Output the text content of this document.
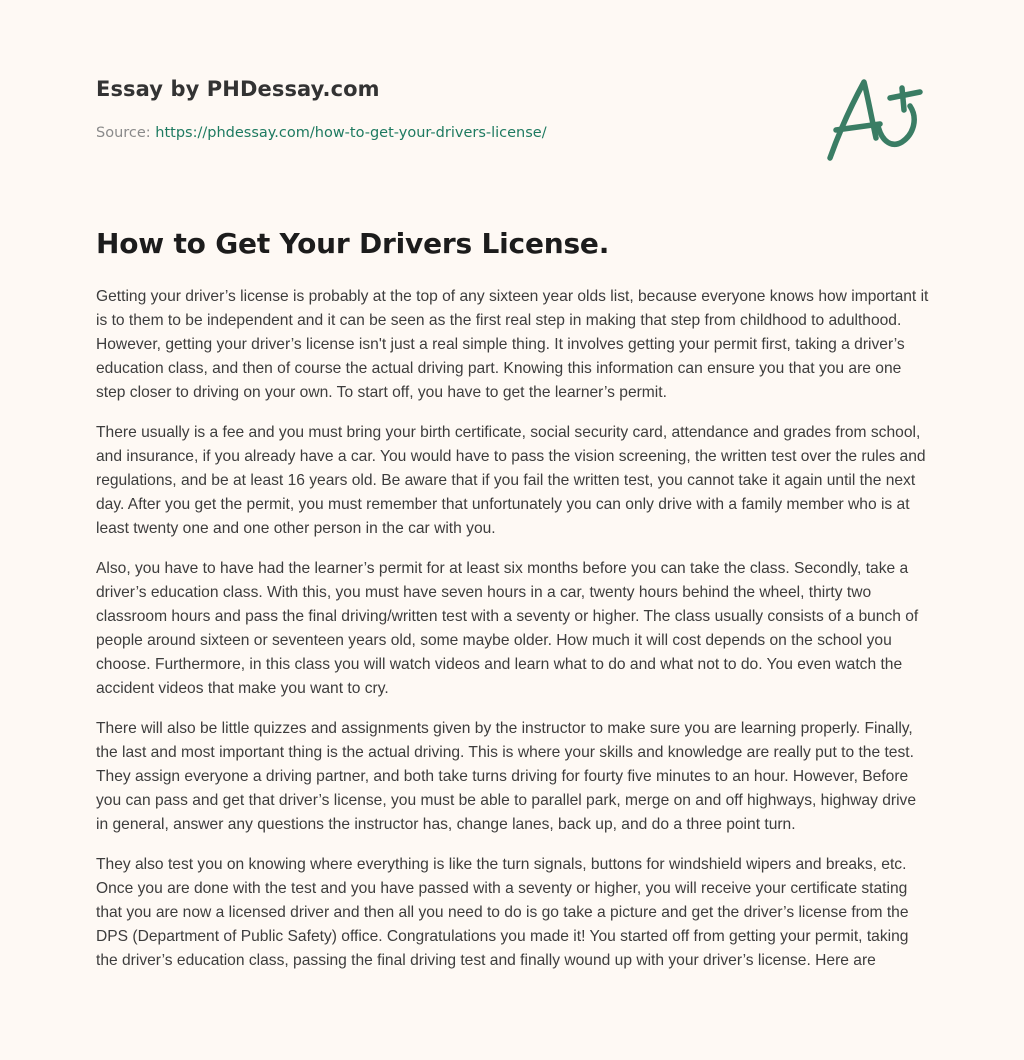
Essay by PHDessay.com
Source: https://phdessay.com/how-to-get-your-drivers-license/
How to Get Your Drivers License.

Getting your driver’s license is probably at the top of any sixteen year olds list, because everyone knows how important it is to them to be independent and it can be seen as the first real step in making that step from childhood to adulthood. However, getting your driver’s license isn't just a real simple thing. It involves getting your permit first, taking a driver’s education class, and then of course the actual driving part. Knowing this information can ensure you that you are one step closer to driving on your own. To start off, you have to get the learner’s permit.

There usually is a fee and you must bring your birth certificate, social security card, attendance and grades from school, and insurance, if you already have a car. You would have to pass the vision screening, the written test over the rules and regulations, and be at least 16 years old. Be aware that if you fail the written test, you cannot take it again until the next day. After you get the permit, you must remember that unfortunately you can only drive with a family member who is at least twenty one and one other person in the car with you.

Also, you have to have had the learner’s permit for at least six months before you can take the class. Secondly, take a driver’s education class. With this, you must have seven hours in a car, twenty hours behind the wheel, thirty two classroom hours and pass the final driving/written test with a seventy or higher. The class usually consists of a bunch of people around sixteen or seventeen years old, some maybe older. How much it will cost depends on the school you choose. Furthermore, in this class you will watch videos and learn what to do and what not to do. You even watch the accident videos that make you want to cry.

There will also be little quizzes and assignments given by the instructor to make sure you are learning properly. Finally, the last and most important thing is the actual driving. This is where your skills and knowledge are really put to the test. They assign everyone a driving partner, and both take turns driving for fourty five minutes to an hour. However, Before you can pass and get that driver’s license, you must be able to parallel park, merge on and off highways, highway drive in general, answer any questions the instructor has, change lanes, back up, and do a three point turn.

They also test you on knowing where everything is like the turn signals, buttons for windshield wipers and breaks, etc. Once you are done with the test and you have passed with a seventy or higher, you will receive your certificate stating that you are now a licensed driver and then all you need to do is go take a picture and get the driver’s license from the DPS (Department of Public Safety) office. Congratulations you made it! You started off from getting your permit, taking the driver’s education class, passing the final driving test and finally wound up with your driver’s license. Here are
